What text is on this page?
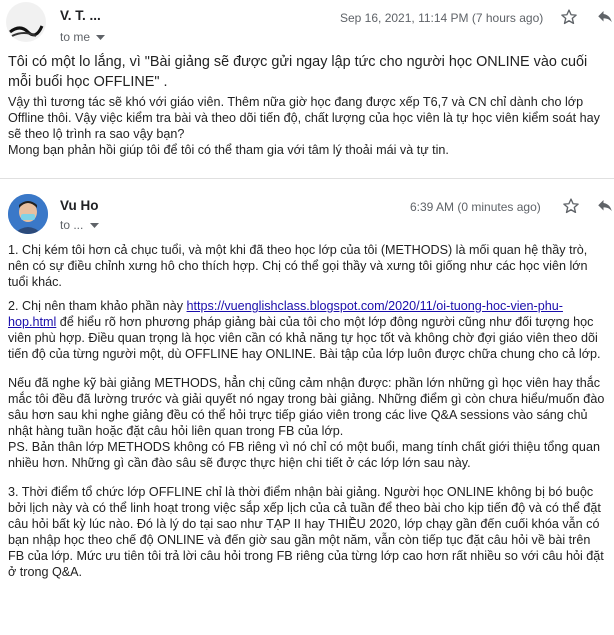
V. T. ...
to me
Sep 16, 2021, 11:14 PM (7 hours ago)

Tôi có một lo lắng, vì "Bài giảng sẽ được gửi ngay lập tức cho người học ONLINE vào cuối mỗi buổi học OFFLINE" .

Vậy thì tương tác sẽ khó với giáo viên. Thêm nữa giờ học đang được xếp T6,7 và CN chỉ dành cho lớp Offline thôi. Vậy việc kiểm tra bài và theo dõi tiến độ, chất lượng của học viên là tự học viên kiểm soát hay sẽ theo lộ trình ra sao vậy bạn?

Mong bạn phản hồi giúp tôi để tôi có thể tham gia với tâm lý thoải mái và tự tin.

Vu Ho
to ...
6:39 AM (0 minutes ago)

1. Chị kém tôi hơn cả chục tuổi, và một khi đã theo học lớp của tôi (METHODS) là mối quan hệ thầy trò, nên có sự điều chỉnh xưng hô cho thích hợp. Chị có thể gọi thầy và xưng tôi giống như các học viên lớn tuổi khác.

2. Chị nên tham khảo phần này https://vuenglishclass.blogspot.com/2020/11/oi-tuong-hoc-vien-phu-hop.html để hiểu rõ hơn phương pháp giảng bài của tôi cho một lớp đông người cũng như đối tượng học viên phù hợp. Điều quan trọng là học viên cần có khả năng tự học tốt và không chờ đợi giáo viên theo dõi tiến độ của từng người một, dù OFFLINE hay ONLINE. Bài tập của lớp luôn được chữa chung cho cả lớp.

Nếu đã nghe kỹ bài giảng METHODS, hẳn chị cũng cảm nhận được: phần lớn những gì học viên hay thắc mắc tôi đều đã lường trước và giải quyết nó ngay trong bài giảng. Những điểm gì còn chưa hiểu/muốn đào sâu hơn sau khi nghe giảng đều có thể hỏi trực tiếp giáo viên trong các live Q&A sessions vào sáng chủ nhật hàng tuần hoặc đặt câu hỏi liên quan trong FB của lớp.

PS. Bản thân lớp METHODS không có FB riêng vì nó chỉ có một buổi, mang tính chất giới thiệu tổng quan nhiều hơn. Những gì cần đào sâu sẽ được thực hiện chi tiết ở các lớp lớn sau này.

3. Thời điểm tổ chức lớp OFFLINE chỉ là thời điểm nhận bài giảng. Người học ONLINE không bị bó buộc bởi lịch này và có thể linh hoạt trong việc sắp xếp lịch của cả tuần để theo bài cho kịp tiến độ và có thể đặt câu hỏi bất kỳ lúc nào. Đó là lý do tại sao như TẠP II hay THIỀU 2020, lớp chạy gần đến cuối khóa vẫn có bạn nhập học theo chế độ ONLINE và đến giờ sau gần một năm, vẫn còn tiếp tục đặt câu hỏi về bài trên FB của lớp. Mức ưu tiên tôi trả lời câu hỏi trong FB riêng của từng lớp cao hơn rất nhiều so với câu hỏi đặt ở trong Q&A.
